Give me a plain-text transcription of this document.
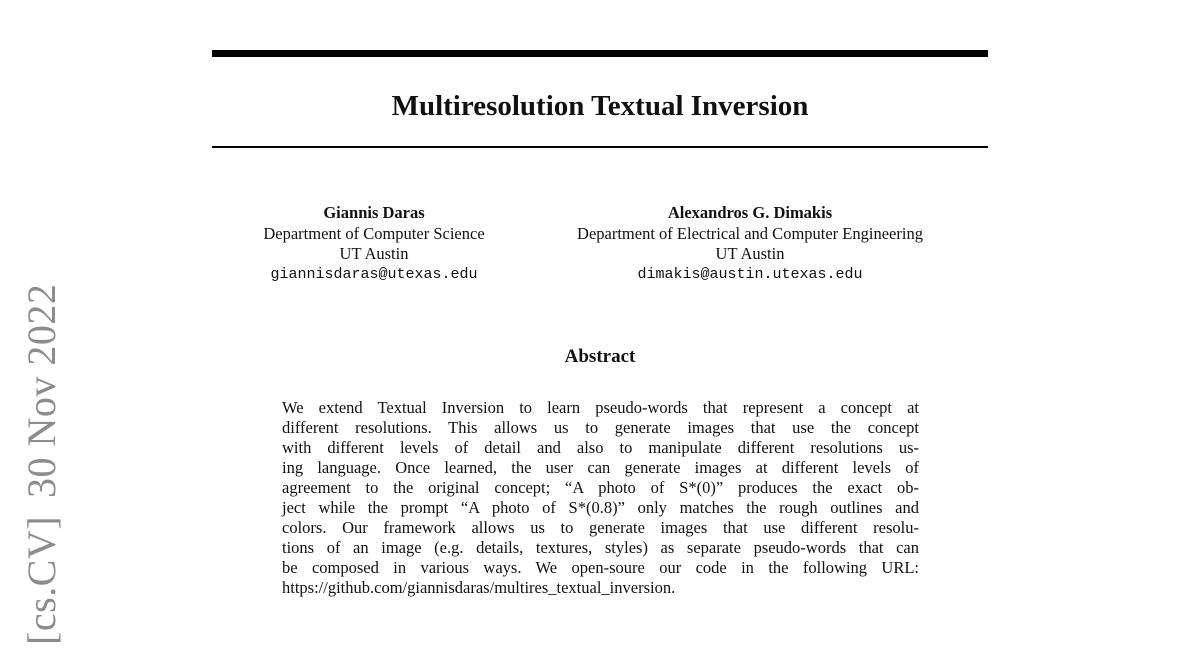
Multiresolution Textual Inversion
Giannis Daras
Department of Computer Science
UT Austin
giannisdaras@utexas.edu
Alexandros G. Dimakis
Department of Electrical and Computer Engineering
UT Austin
dimakis@austin.utexas.edu
Abstract
We extend Textual Inversion to learn pseudo-words that represent a concept at
different resolutions. This allows us to generate images that use the concept
with different levels of detail and also to manipulate different resolutions us-
ing language. Once learned, the user can generate images at different levels of
agreement to the original concept; “A photo of S*(0)” produces the exact ob-
ject while the prompt “A photo of S*(0.8)” only matches the rough outlines and
colors. Our framework allows us to generate images that use different resolu-
tions of an image (e.g. details, textures, styles) as separate pseudo-words that can
be composed in various ways. We open-soure our code in the following URL:
https://github.com/giannisdaras/multires_textual_inversion.
[cs.CV]30 Nov 2022
